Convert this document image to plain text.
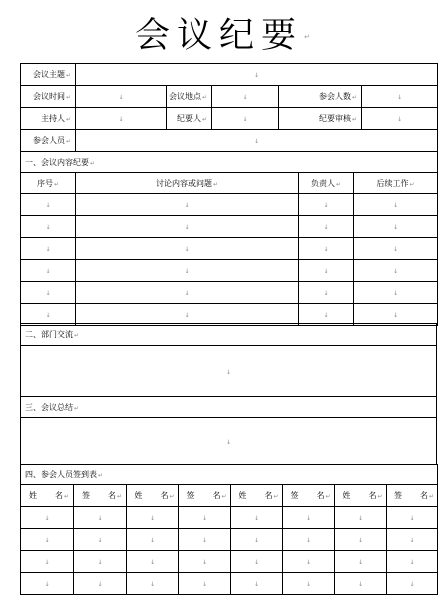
会议纪要↵
会议主题↵	↓				
会议时间↵	↓	会议地点↵	↓	参会人数↵	↓
主持人↵	↓	纪要人↵	↓	纪要审核↵	↓
参会人员↵	↓				
一、会议内容纪要↵			
序号↵	讨论内容或问题↵	负责人↵	后续工作↵
↓	↓	↓	↓
↓	↓	↓	↓
↓	↓	↓	↓
↓	↓	↓	↓
↓	↓	↓	↓
↓	↓	↓	↓
二、部门交流↵
↓
三、会议总结↵
↓
四、参会人员签到表↵							
姓 名↵	签 名↵	姓 名↵	签 名↵	姓 名↵	签 名↵	姓 名↵	签 名↵
↓	↓	↓	↓	↓	↓	↓	↓
↓	↓	↓	↓	↓	↓	↓	↓
↓	↓	↓	↓	↓	↓	↓	↓
↓	↓	↓	↓	↓	↓	↓	↓
